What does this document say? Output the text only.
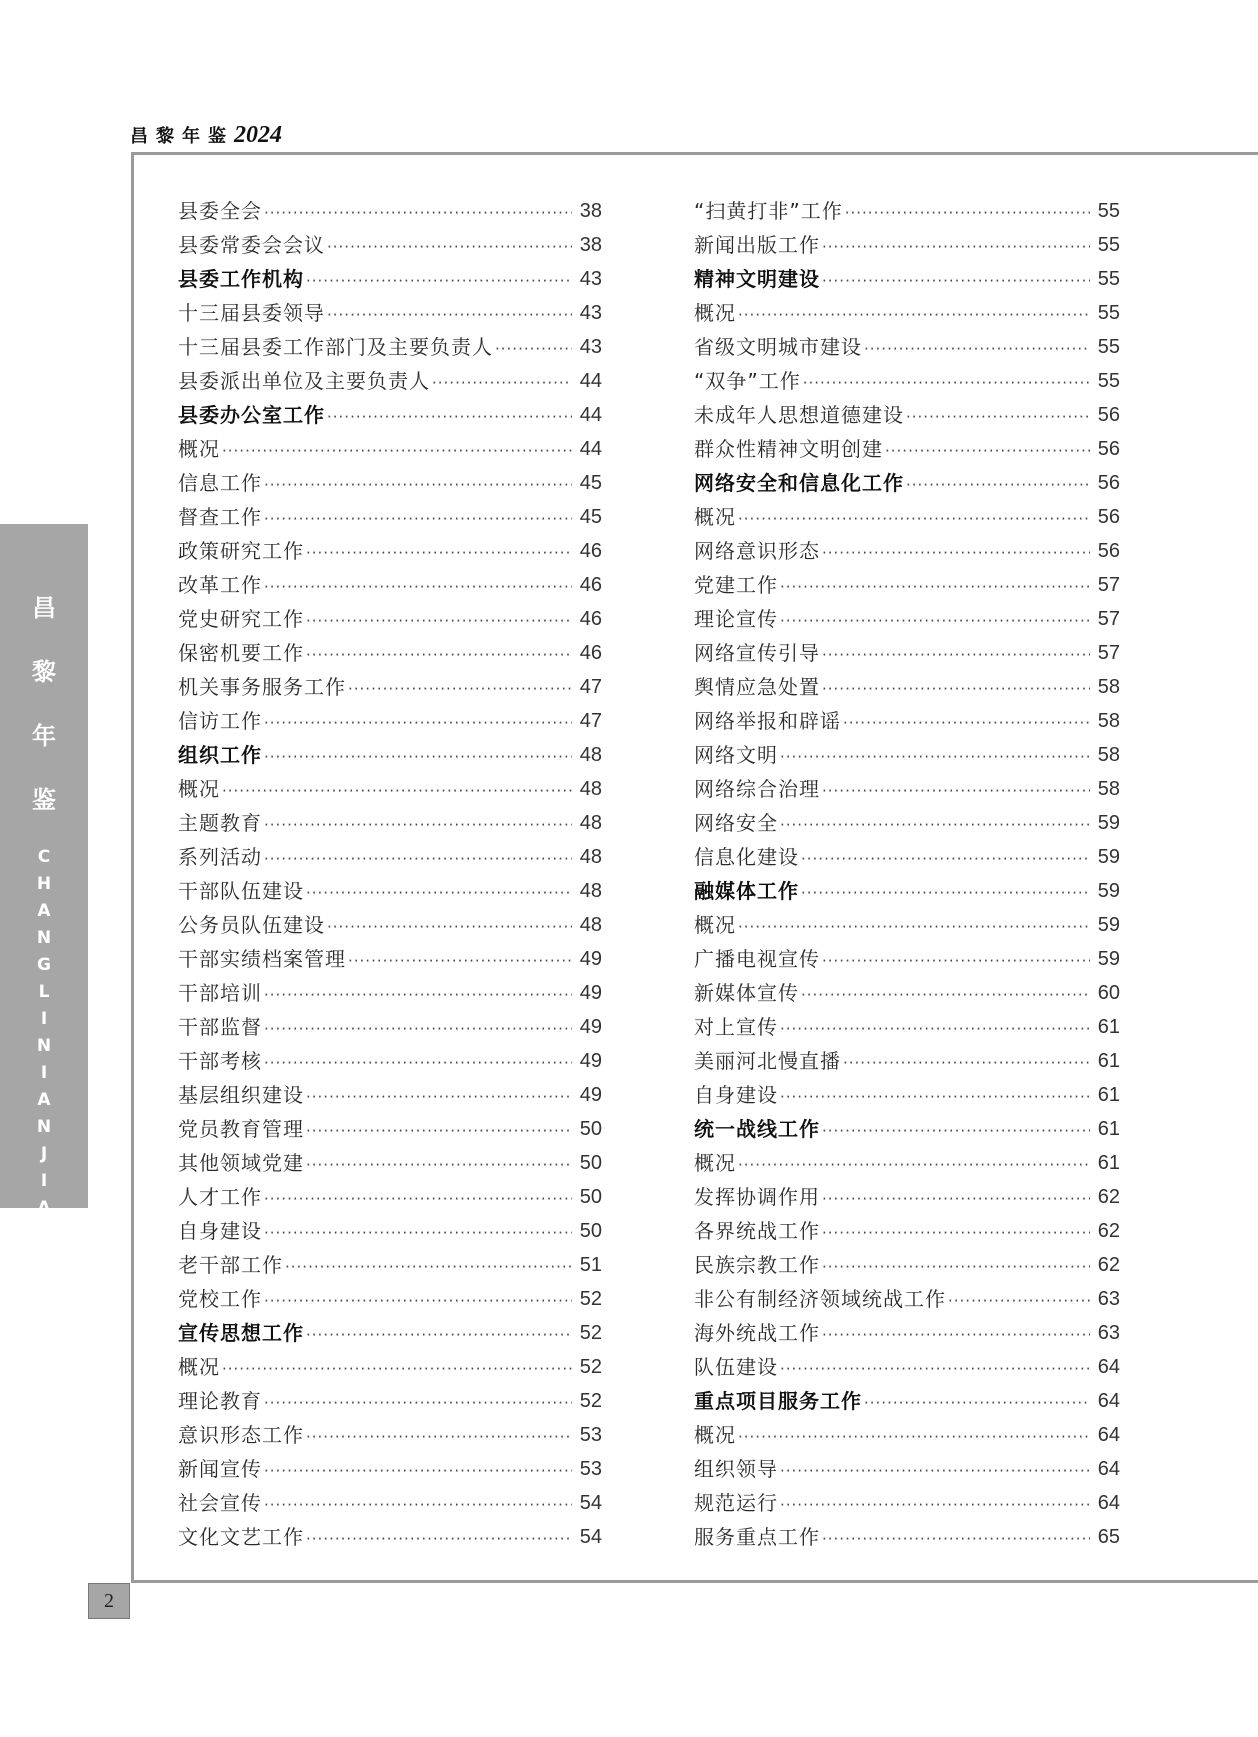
昌黎年鉴2024
昌
黎
年
鉴
C
H
A
N
G
L
I
N
I
A
N
J
I
A
N
2
县委全会 ·····	38
县委常委会会议 ·····	38
县委工作机构 ·····	43
十三届县委领导 ·····	43
十三届县委工作部门及主要负责人 ·····	43
县委派出单位及主要负责人 ·····	44
县委办公室工作 ·····	44
概况 ·····	44
信息工作 ·····	45
督查工作 ·····	45
政策研究工作 ·····	46
改革工作 ·····	46
党史研究工作 ·····	46
保密机要工作 ·····	46
机关事务服务工作 ·····	47
信访工作 ·····	47
组织工作 ·····	48
概况 ·····	48
主题教育 ·····	48
系列活动 ·····	48
干部队伍建设 ·····	48
公务员队伍建设 ·····	48
干部实绩档案管理 ·····	49
干部培训 ·····	49
干部监督 ·····	49
干部考核 ·····	49
基层组织建设 ·····	49
党员教育管理 ·····	50
其他领域党建 ·····	50
人才工作 ·····	50
自身建设 ·····	50
老干部工作 ·····	51
党校工作 ·····	52
宣传思想工作 ·····	52
概况 ·····	52
理论教育 ·····	52
意识形态工作 ·····	53
新闻宣传 ·····	53
社会宣传 ·····	54
文化文艺工作 ·····	54
“扫黄打非”工作 ·····	55
新闻出版工作 ·····	55
精神文明建设 ·····	55
概况 ·····	55
省级文明城市建设 ·····	55
“双争”工作 ·····	55
未成年人思想道德建设 ·····	56
群众性精神文明创建 ·····	56
网络安全和信息化工作 ·····	56
概况 ·····	56
网络意识形态 ·····	56
党建工作 ·····	57
理论宣传 ·····	57
网络宣传引导 ·····	57
舆情应急处置 ·····	58
网络举报和辟谣 ·····	58
网络文明 ·····	58
网络综合治理 ·····	58
网络安全 ·····	59
信息化建设 ·····	59
融媒体工作 ·····	59
概况 ·····	59
广播电视宣传 ·····	59
新媒体宣传 ·····	60
对上宣传 ·····	61
美丽河北慢直播 ·····	61
自身建设 ·····	61
统一战线工作 ·····	61
概况 ·····	61
发挥协调作用 ·····	62
各界统战工作 ·····	62
民族宗教工作 ·····	62
非公有制经济领域统战工作 ·····	63
海外统战工作 ·····	63
队伍建设 ·····	64
重点项目服务工作 ·····	64
概况 ·····	64
组织领导 ·····	64
规范运行 ·····	64
服务重点工作 ·····	65
